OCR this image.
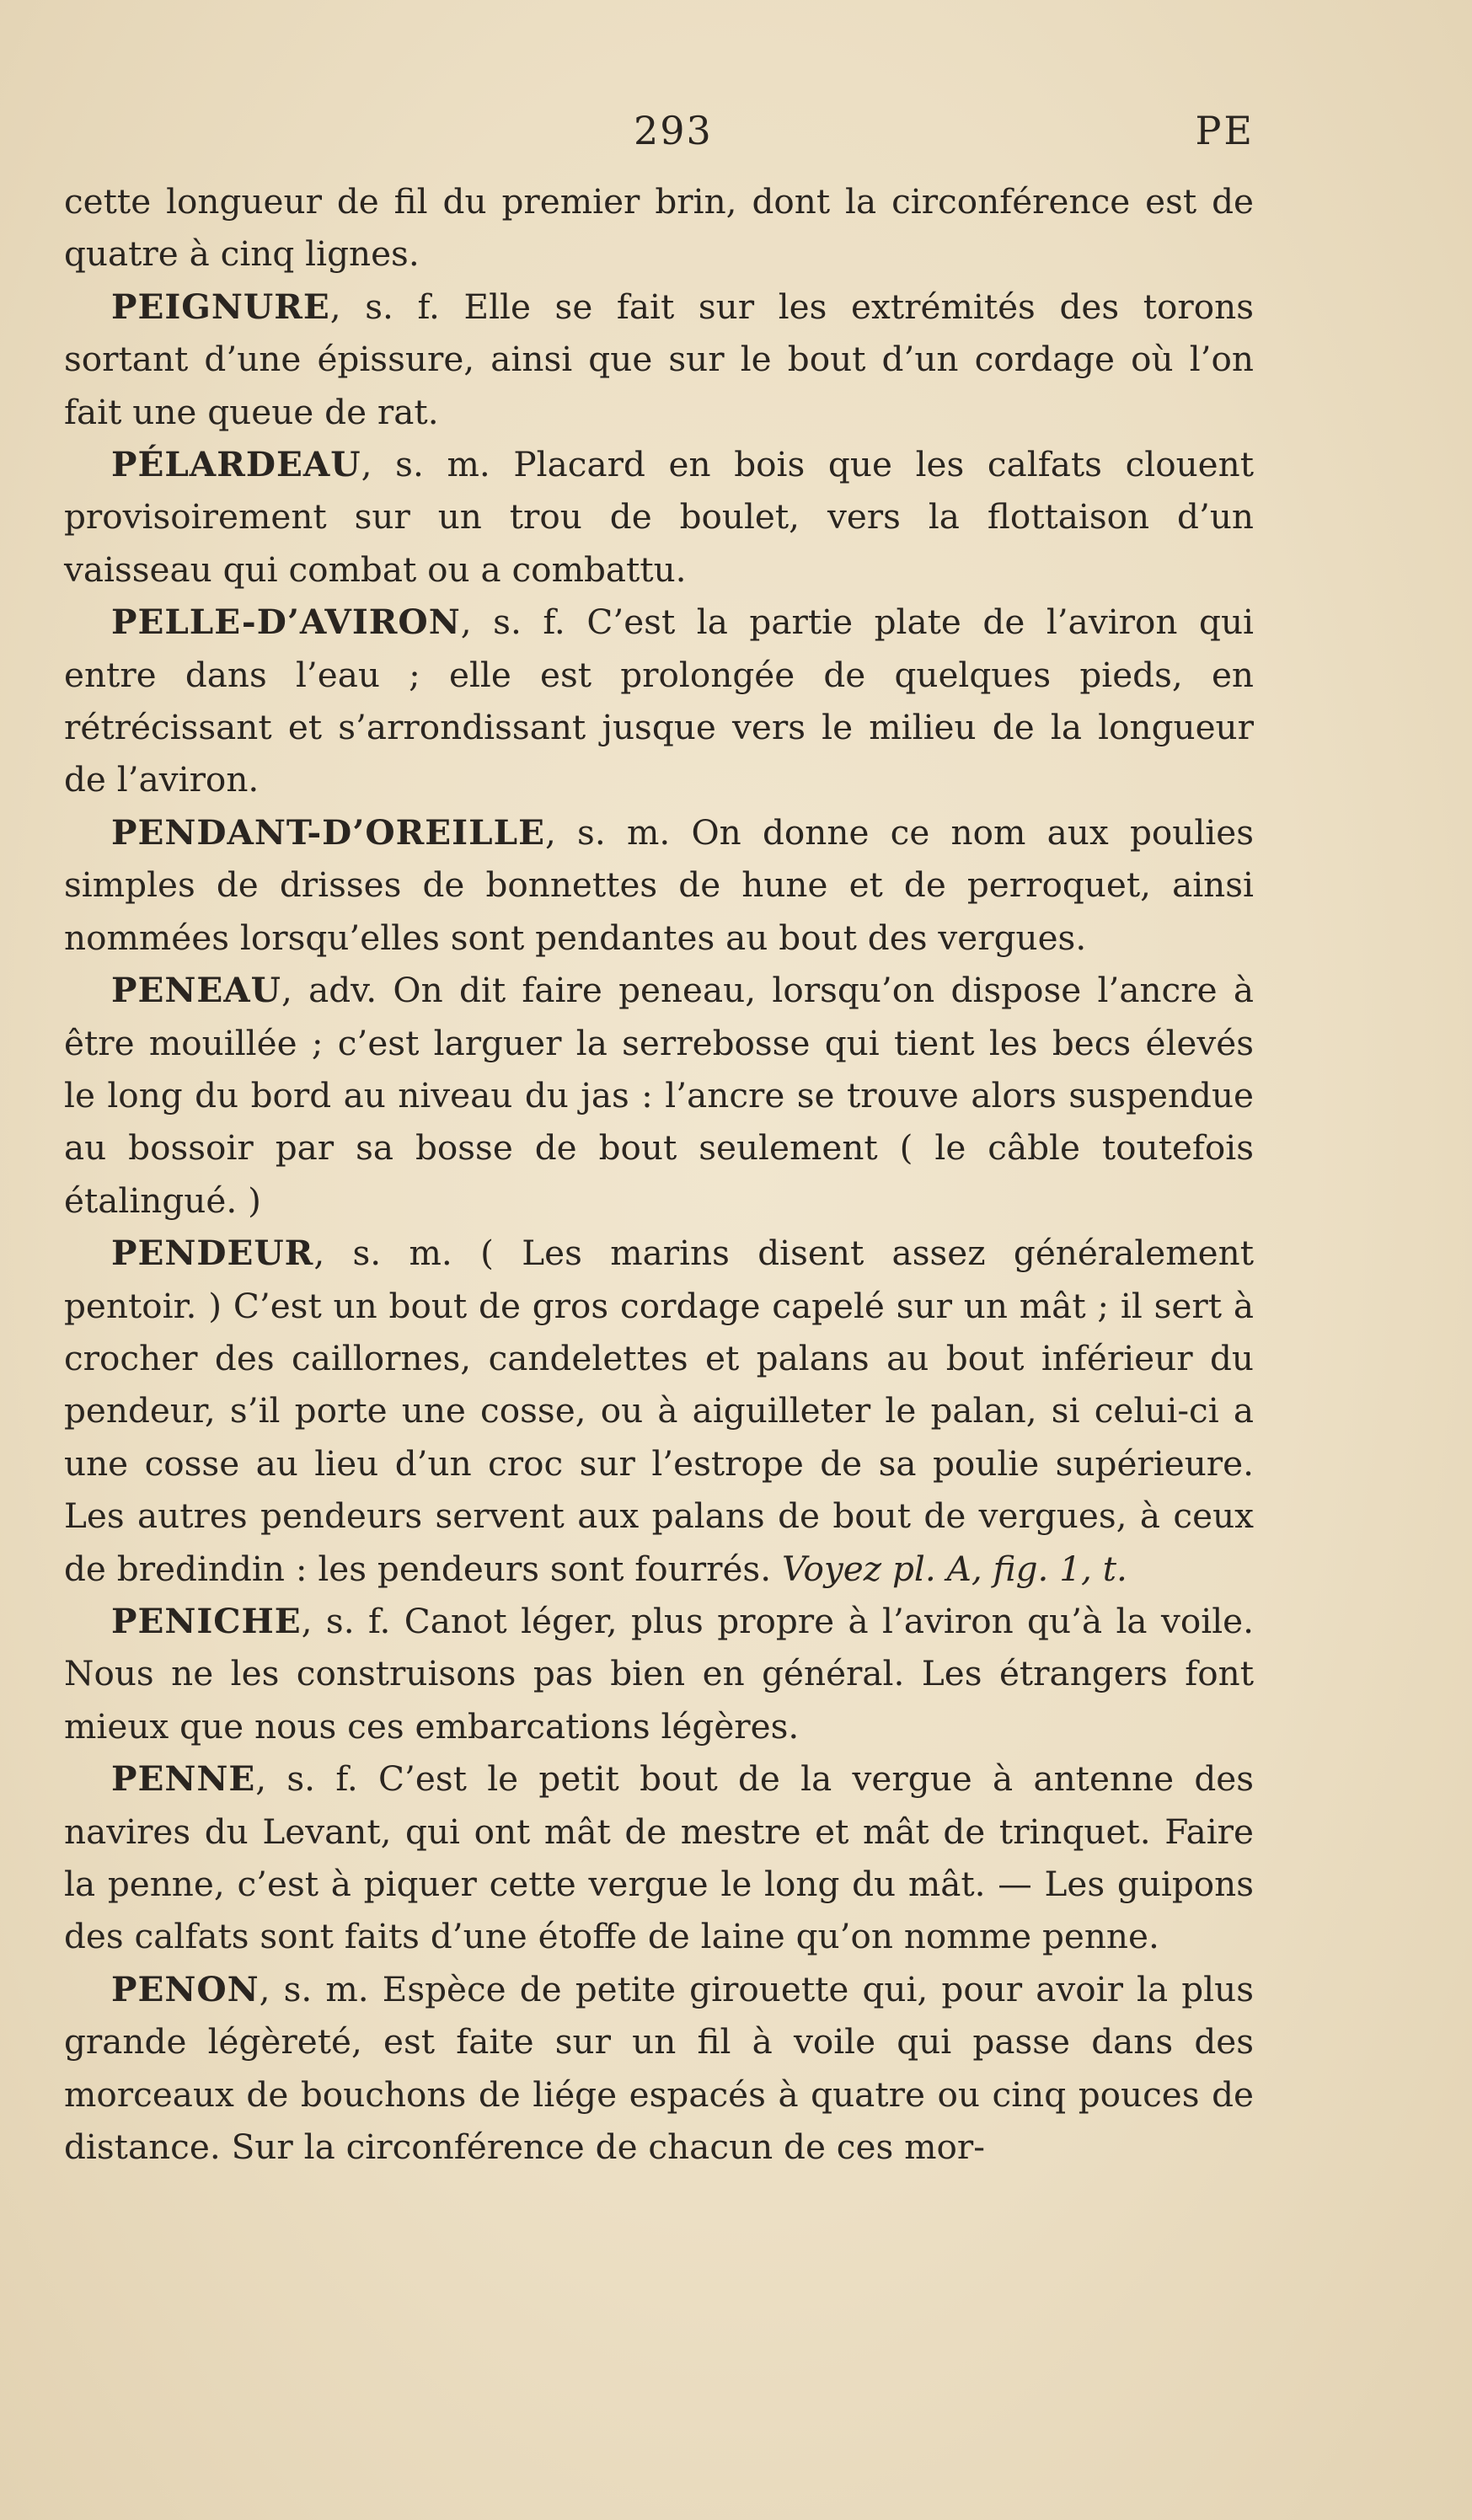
293	PE

cette longueur de fil du premier brin, dont la circonférence est de quatre à cinq lignes.

PEIGNURE, s. f. Elle se fait sur les extrémités des torons sortant d’une épissure, ainsi que sur le bout d’un cordage où l’on fait une queue de rat.

PÉLARDEAU, s. m. Placard en bois que les calfats clouent provisoirement sur un trou de boulet, vers la flottaison d’un vaisseau qui combat ou a combattu.

PELLE-D’AVIRON, s. f. C’est la partie plate de l’aviron qui entre dans l’eau ; elle est prolongée de quelques pieds, en rétrécissant et s’arrondissant jusque vers le milieu de la longueur de l’aviron.

PENDANT-D’OREILLE, s. m. On donne ce nom aux poulies simples de drisses de bonnettes de hune et de perroquet, ainsi nommées lorsqu’elles sont pendantes au bout des vergues.

PENEAU, adv. On dit faire peneau, lorsqu’on dispose l’ancre à être mouillée ; c’est larguer la serrebosse qui tient les becs élevés le long du bord au niveau du jas : l’ancre se trouve alors suspendue au bossoir par sa bosse de bout seulement ( le câble toutefois étalingué. )

PENDEUR, s. m. ( Les marins disent assez généralement pentoir. ) C’est un bout de gros cordage capelé sur un mât ; il sert à crocher des caillornes, candelettes et palans au bout inférieur du pendeur, s’il porte une cosse, ou à aiguilleter le palan, si celui-ci a une cosse au lieu d’un croc sur l’estrope de sa poulie supérieure. Les autres pendeurs servent aux palans de bout de vergues, à ceux de bredindin : les pendeurs sont fourrés. Voyez pl. A, fig. 1, t.

PENICHE, s. f. Canot léger, plus propre à l’aviron qu’à la voile. Nous ne les construisons pas bien en général. Les étrangers font mieux que nous ces embarcations légères.

PENNE, s. f. C’est le petit bout de la vergue à antenne des navires du Levant, qui ont mât de mestre et mât de trinquet. Faire la penne, c’est à piquer cette vergue le long du mât. — Les guipons des calfats sont faits d’une étoffe de laine qu’on nomme penne.

PENON, s. m. Espèce de petite girouette qui, pour avoir la plus grande légèreté, est faite sur un fil à voile qui passe dans des morceaux de bouchons de liége espacés à quatre ou cinq pouces de distance. Sur la circonférence de chacun de ces mor-
